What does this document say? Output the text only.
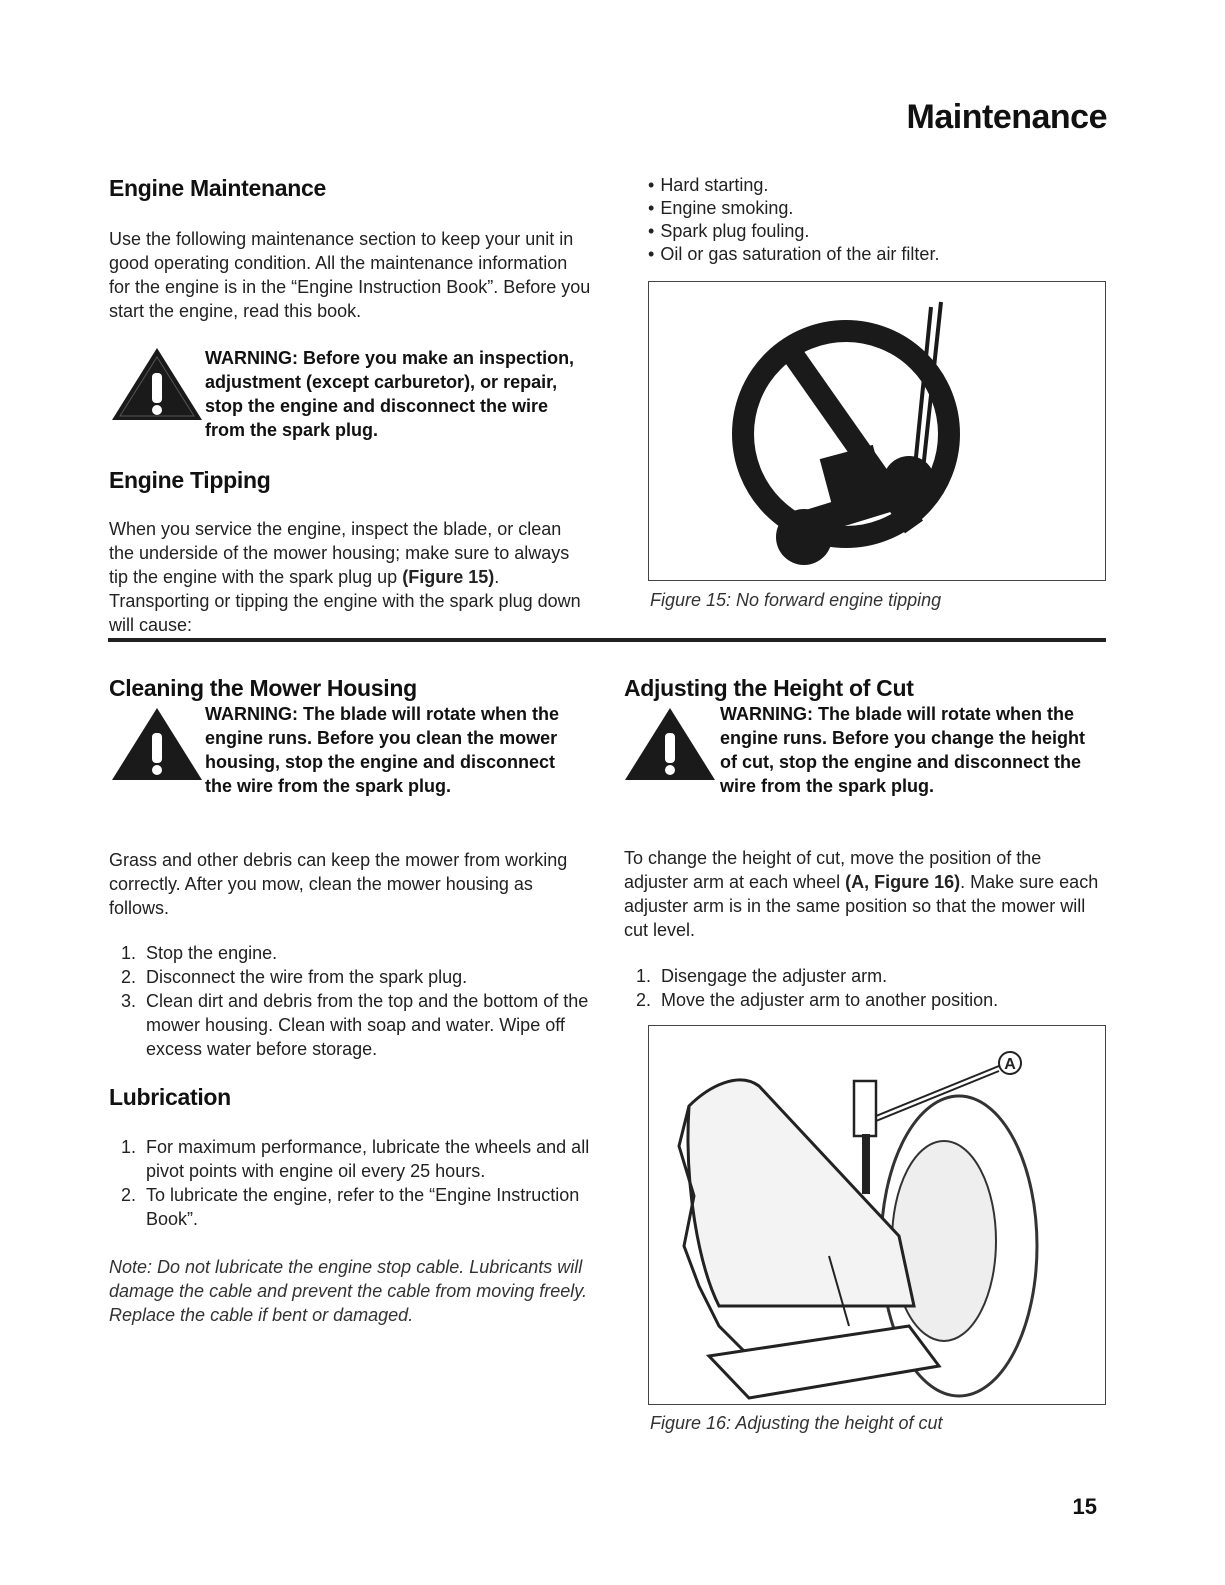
Maintenance
Engine Maintenance

Use the following maintenance section to keep your unit in good operating condition. All the maintenance information for the engine is in the “Engine Instruction Book”. Before you start the engine, read this book.

WARNING: Before you make an inspection, adjustment (except carburetor), or repair, stop the engine and disconnect the wire from the spark plug.

Engine Tipping

When you service the engine, inspect the blade, or clean the underside of the mower housing; make sure to always tip the engine with the spark plug up (Figure 15). Transporting or tipping the engine with the spark plug down will cause:

• Hard starting.
• Engine smoking.
• Spark plug fouling.
• Oil or gas saturation of the air filter.

Figure 15: No forward engine tipping

Cleaning the Mower Housing

WARNING: The blade will rotate when the engine runs. Before you clean the mower housing, stop the engine and disconnect the wire from the spark plug.

Grass and other debris can keep the mower from working correctly. After you mow, clean the mower housing as follows.

1. Stop the engine.
2. Disconnect the wire from the spark plug.
3. Clean dirt and debris from the top and the bottom of the mower housing. Clean with soap and water. Wipe off excess water before storage.
Lubrication
1. For maximum performance, lubricate the wheels and all pivot points with engine oil every 25 hours.
2. To lubricate the engine, refer to the “Engine Instruction Book”.

Note: Do not lubricate the engine stop cable. Lubricants will damage the cable and prevent the cable from moving freely. Replace the cable if bent or damaged.

Adjusting the Height of Cut

WARNING: The blade will rotate when the engine runs. Before you change the height of cut, stop the engine and disconnect the wire from the spark plug.

To change the height of cut, move the position of the adjuster arm at each wheel (A, Figure 16). Make sure each adjuster arm is in the same position so that the mower will cut level.

1. Disengage the adjuster arm.
2. Move the adjuster arm to another position.
A

Figure 16: Adjusting the height of cut

15
